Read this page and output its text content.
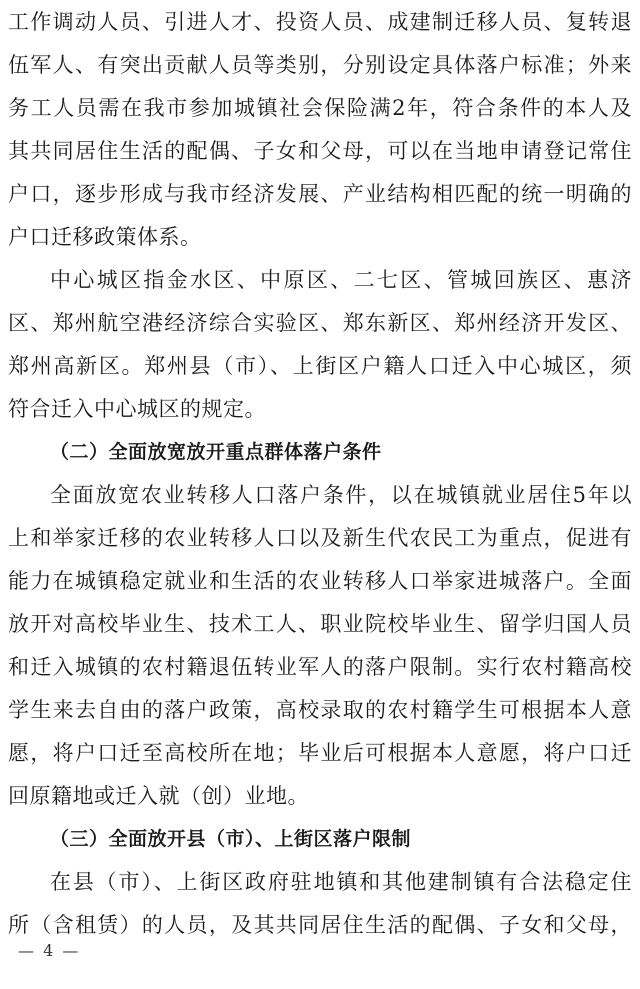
工作调动人员、引进人才、投资人员、成建制迁移人员、复转退
伍军人、有突出贡献人员等类别，分别设定具体落户标准；外来
务工人员需在我市参加城镇社会保险满2年，符合条件的本人及
其共同居住生活的配偶、子女和父母，可以在当地申请登记常住
户口，逐步形成与我市经济发展、产业结构相匹配的统一明确的
户口迁移政策体系。
中心城区指金水区、中原区、二七区、管城回族区、惠济
区、郑州航空港经济综合实验区、郑东新区、郑州经济开发区、
郑州高新区。郑州县（市）、上街区户籍人口迁入中心城区，须
符合迁入中心城区的规定。
（二）全面放宽放开重点群体落户条件
全面放宽农业转移人口落户条件，以在城镇就业居住5年以
上和举家迁移的农业转移人口以及新生代农民工为重点，促进有
能力在城镇稳定就业和生活的农业转移人口举家进城落户。全面
放开对高校毕业生、技术工人、职业院校毕业生、留学归国人员
和迁入城镇的农村籍退伍转业军人的落户限制。实行农村籍高校
学生来去自由的落户政策，高校录取的农村籍学生可根据本人意
愿，将户口迁至高校所在地；毕业后可根据本人意愿，将户口迁
回原籍地或迁入就（创）业地。
（三）全面放开县（市）、上街区落户限制
在县（市）、上街区政府驻地镇和其他建制镇有合法稳定住
所（含租赁）的人员，及其共同居住生活的配偶、子女和父母，
— 4 —
